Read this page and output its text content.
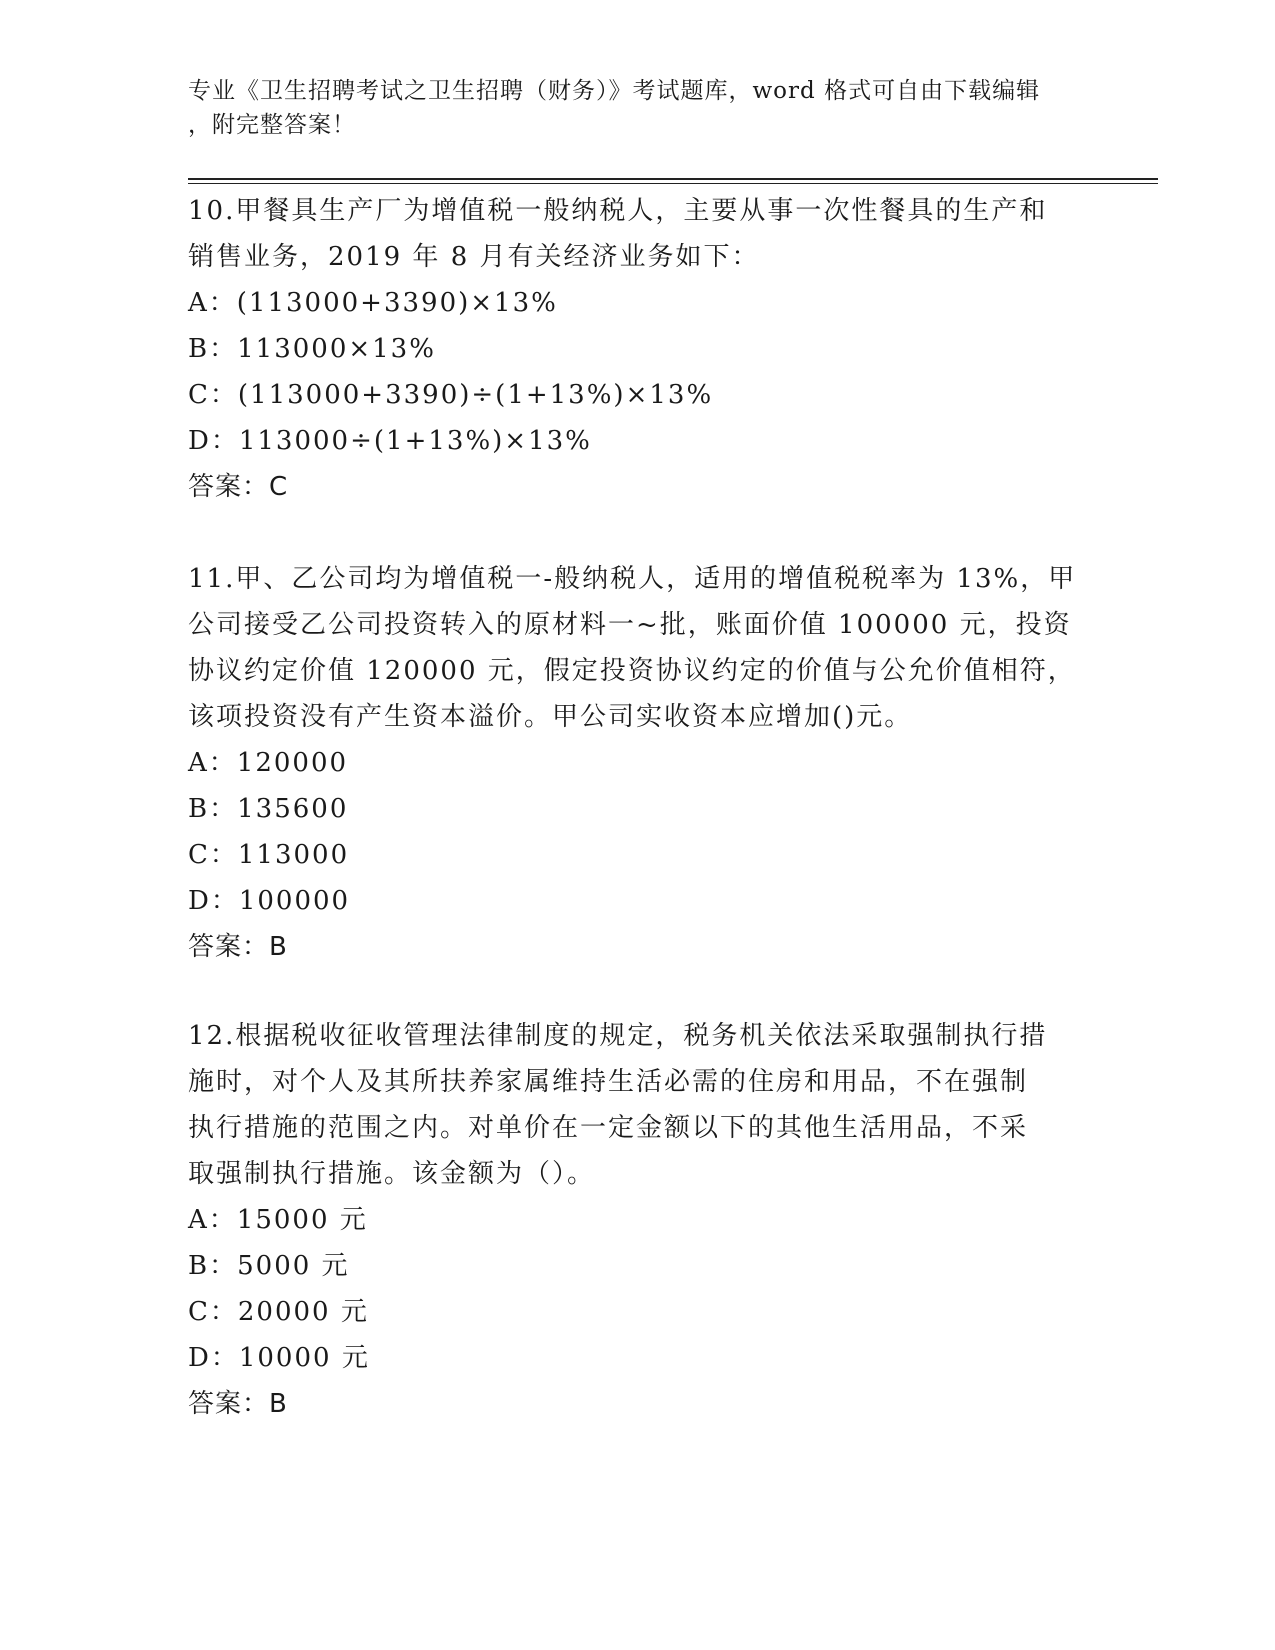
专业《卫生招聘考试之卫生招聘（财务）》考试题库，word 格式可自由下载编辑
，附完整答案！
10.甲餐具生产厂为增值税一般纳税人，主要从事一次性餐具的生产和
销售业务，2019 年 8 月有关经济业务如下：
A：(113000+3390)×13%
B：113000×13%
C：(113000+3390)÷(1+13%)×13%
D：113000÷(1+13%)×13%
答案：C
11.甲、乙公司均为增值税一-般纳税人，适用的增值税税率为 13%，甲
公司接受乙公司投资转入的原材料一~批，账面价值 100000 元，投资
协议约定价值 120000 元，假定投资协议约定的价值与公允价值相符，
该项投资没有产生资本溢价。甲公司实收资本应增加()元。
A：120000
B：135600
C：113000
D：100000
答案：B
12.根据税收征收管理法律制度的规定，税务机关依法采取强制执行措
施时，对个人及其所扶养家属维持生活必需的住房和用品，不在强制
执行措施的范围之内。对单价在一定金额以下的其他生活用品，不采
取强制执行措施。该金额为（）。
A：15000 元
B：5000 元
C：20000 元
D：10000 元
答案：B
